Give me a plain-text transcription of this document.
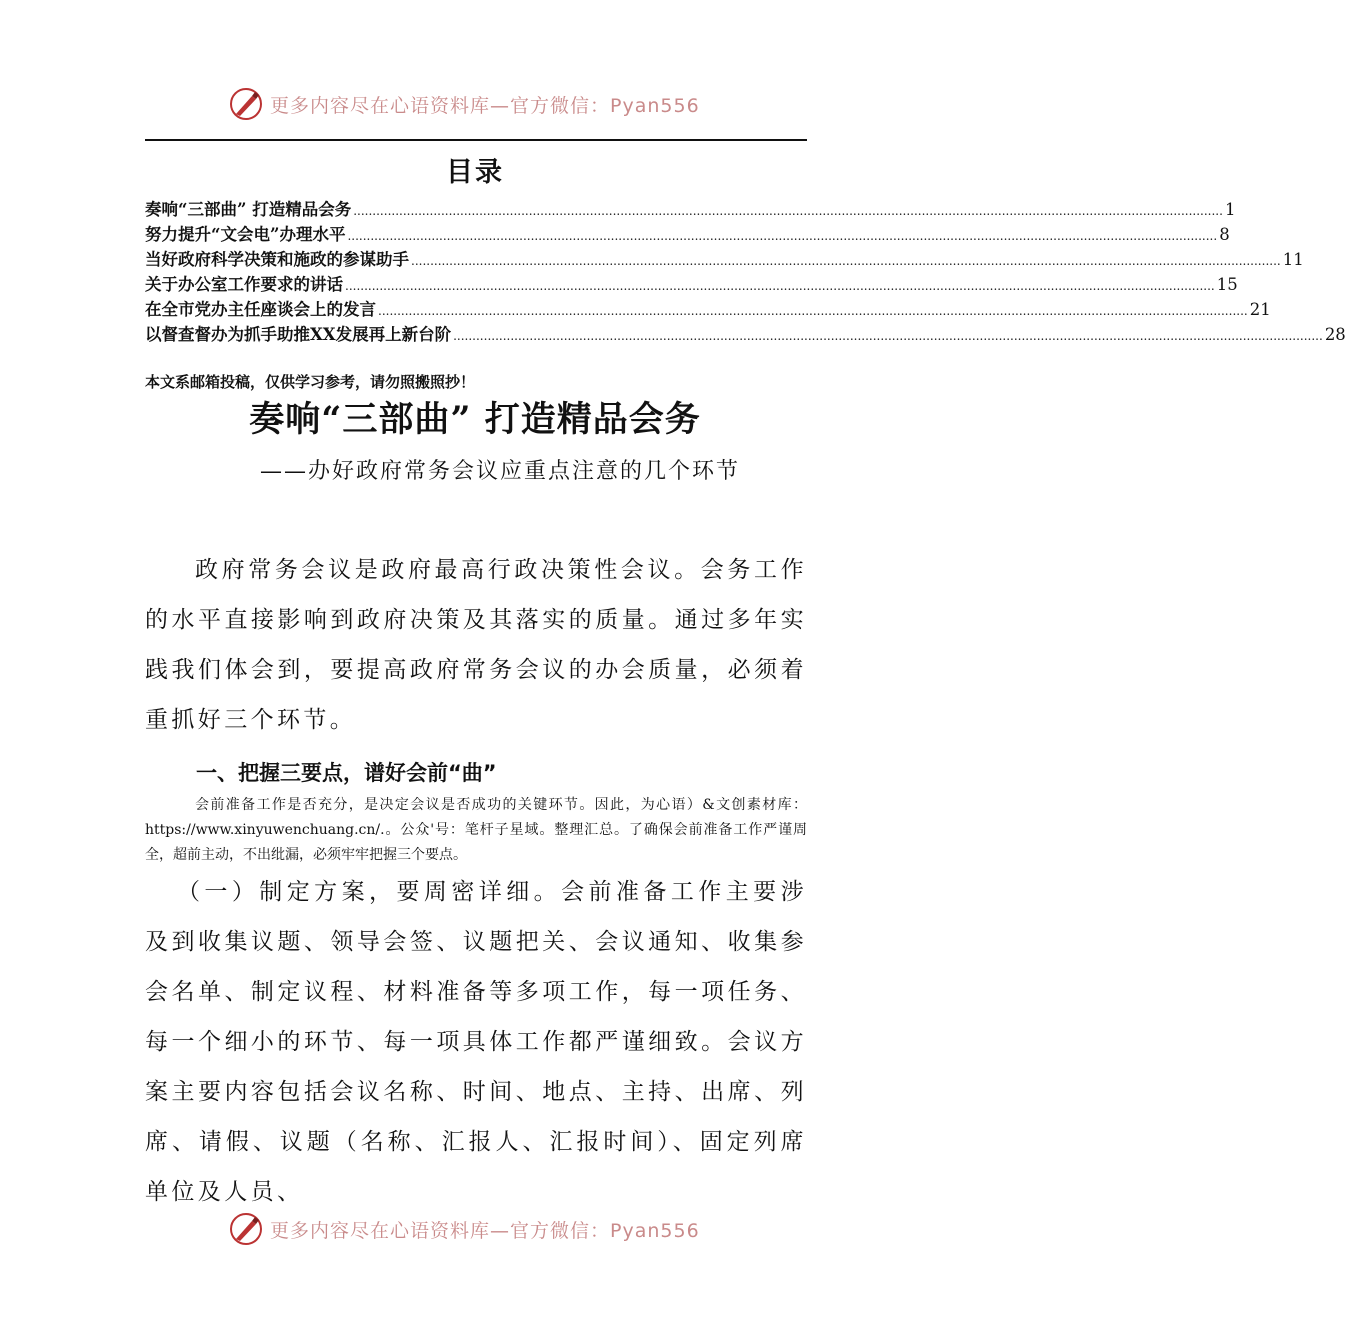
更多内容尽在心语资料库—官方微信：Pyan556
目录
奏响“三部曲” 打造精品会务 .................................................................................................................................................................................................................................... 1
努力提升“文会电”办理水平 .................................................................................................................................................................................................................................... 8
当好政府科学决策和施政的参谋助手 .................................................................................................................................................................................................................................... 11
关于办公室工作要求的讲话 .................................................................................................................................................................................................................................... 15
在全市党办主任座谈会上的发言 .................................................................................................................................................................................................................................... 21
以督查督办为抓手助推XX发展再上新台阶 .................................................................................................................................................................................................................................... 28
本文系邮箱投稿，仅供学习参考，请勿照搬照抄！
奏响“三部曲” 打造精品会务
——办好政府常务会议应重点注意的几个环节

政府常务会议是政府最高行政决策性会议。会务工作的水平直接影响到政府决策及其落实的质量。通过多年实践我们体会到，要提高政府常务会议的办会质量，必须着重抓好三个环节。

一、把握三要点，谱好会前“曲”

会前准备工作是否充分，是决定会议是否成功的关键环节。因此，为心语）&文创素材库：https://www.xinyuwenchuang.cn/.。公众'号：笔杆子星域。整理汇总。了确保会前准备工作严谨周全，超前主动，不出纰漏，必须牢牢把握三个要点。

（一）制定方案，要周密详细。会前准备工作主要涉及到收集议题、领导会签、议题把关、会议通知、收集参会名单、制定议程、材料准备等多项工作，每一项任务、每一个细小的环节、每一项具体工作都严谨细致。会议方案主要内容包括会议名称、时间、地点、主持、出席、列席、请假、议题（名称、汇报人、汇报时间）、固定列席单位及人员、

更多内容尽在心语资料库—官方微信：Pyan556
